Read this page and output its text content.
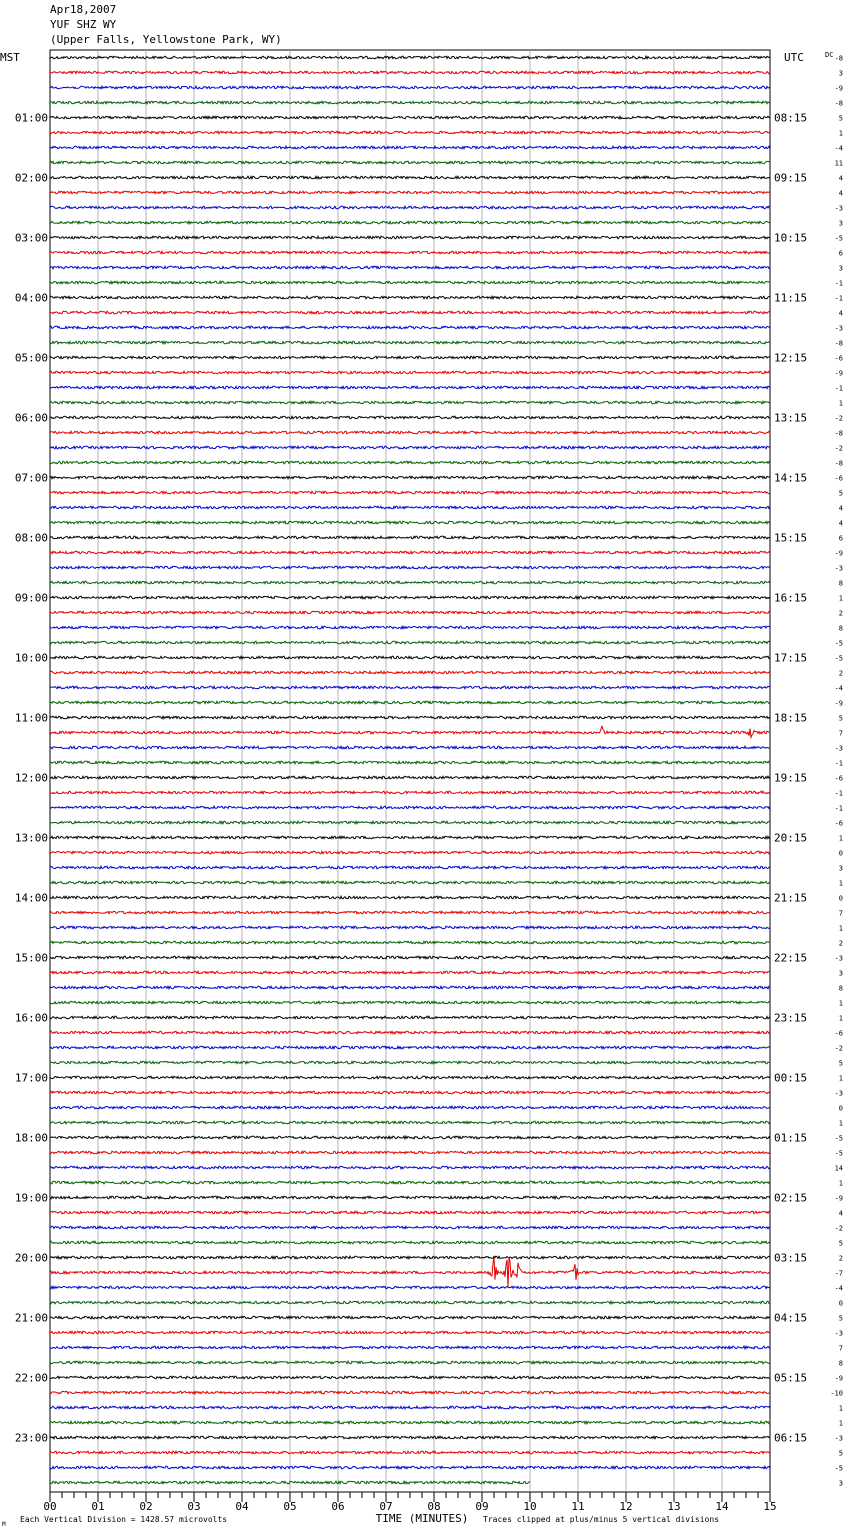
Apr18,2007
YUF SHZ WY
(Upper Falls, Yellowstone Park, WY)
-8
3
-9
-8
5
1
-4
11
4
4
-3
3
-5
6
3
-1
-1
4
-3
-8
-6
-9
-1
1
-2
-8
-2
-8
-6
5
4
4
6
-9
-3
8
1
2
8
-5
-5
2
-4
-9
5
7
-3
-1
-6
-1
-1
-6
1
0
3
1
0
7
1
2
-3
3
8
1
1
-6
-2
5
1
-3
0
1
-5
-5
14
1
-9
4
-2
5
2
-7
-4
0
5
-3
7
8
-9
-10
1
1
-3
5
-5
3
MST	UTC	DC
01:00
02:00
03:00
04:00
05:00
06:00
07:00
08:00
09:00
10:00
11:00
12:00
13:00
14:00
15:00
16:00
17:00
18:00
19:00
20:00
21:00
22:00
23:00
08:15
09:15
10:15
11:15
12:15
13:15
14:15
15:15
16:15
17:15
18:15
19:15
20:15
21:15
22:15
23:15
00:15
01:15
02:15
03:15
04:15
05:15
06:15
00	01	02	03	04	05	06	07	08	09	10	11	12	13	14	15
TIME (MINUTES)
M
Each Vertical Division = 1428.57 microvolts	Traces clipped at plus/minus 5 vertical divisions
